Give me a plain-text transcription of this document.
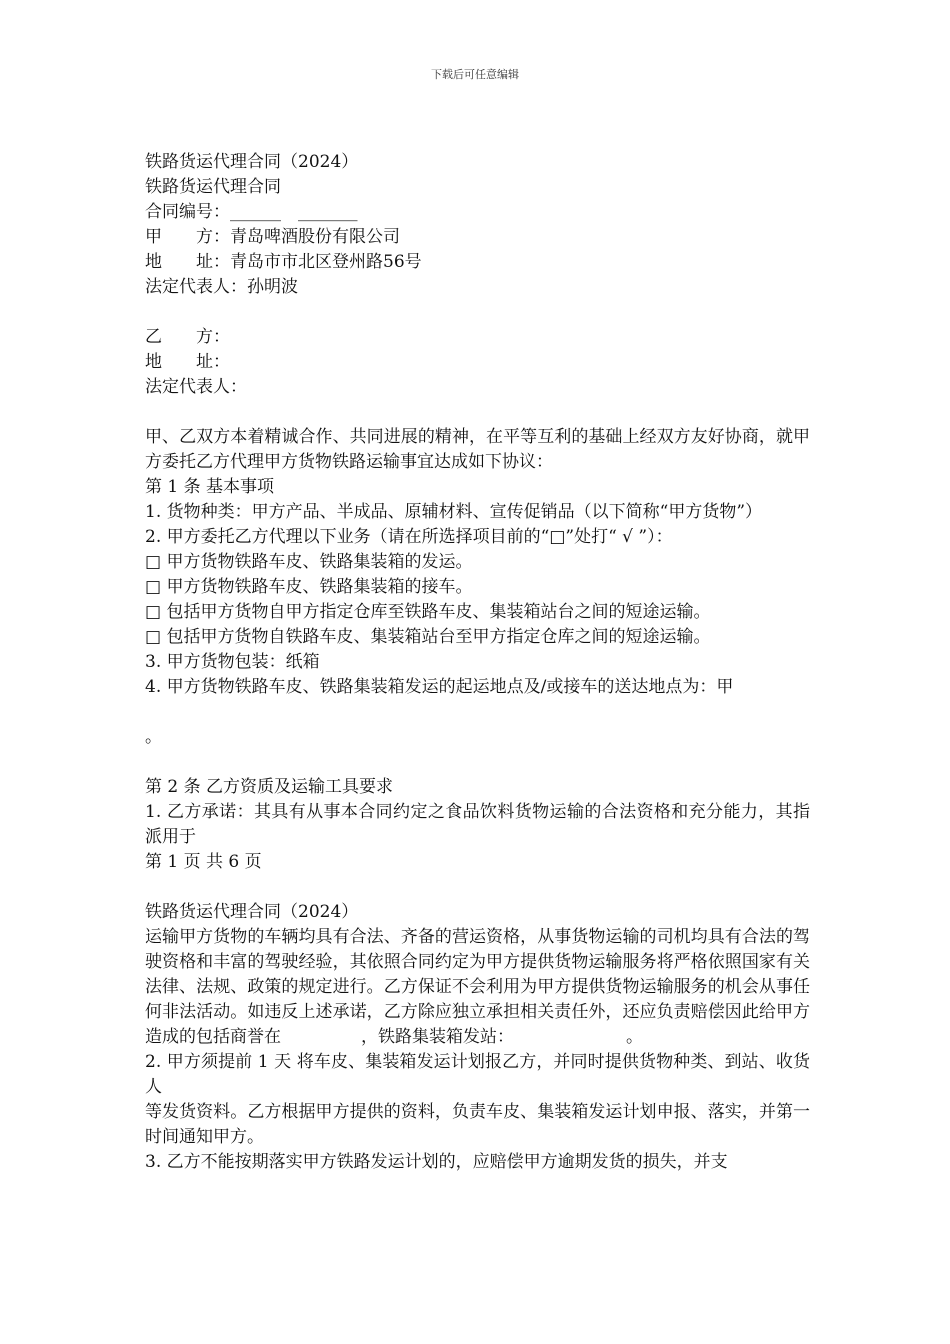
下载后可任意编辑
铁路货运代理合同（2024）
铁路货运代理合同
合同编号：______　_______
甲　　方：青岛啤酒股份有限公司
地　　址：青岛市市北区登州路56号
法定代表人：孙明波
乙　　方：
地　　址：
法定代表人：
甲、乙双方本着精诚合作、共同进展的精神，在平等互利的基础上经双方友好协商，就甲方委托乙方代理甲方货物铁路运输事宜达成如下协议：
第 1 条 基本事项
1. 货物种类：甲方产品、半成品、原辅材料、宣传促销品（以下简称“甲方货物”）
2. 甲方委托乙方代理以下业务（请在所选择项目前的“□”处打“ √ ”）：
□ 甲方货物铁路车皮、铁路集装箱的发运。
□ 甲方货物铁路车皮、铁路集装箱的接车。
□ 包括甲方货物自甲方指定仓库至铁路车皮、集装箱站台之间的短途运输。
□ 包括甲方货物自铁路车皮、集装箱站台至甲方指定仓库之间的短途运输。
3. 甲方货物包装：纸箱
4. 甲方货物铁路车皮、铁路集装箱发运的起运地点及/或接车的送达地点为：甲

。

第 2 条 乙方资质及运输工具要求
1. 乙方承诺：其具有从事本合同约定之食品饮料货物运输的合法资格和充分能力，其指派用于
第 1 页 共 6 页
铁路货运代理合同（2024）
运输甲方货物的车辆均具有合法、齐备的营运资格，从事货物运输的司机均具有合法的驾驶资格和丰富的驾驶经验，其依照合同约定为甲方提供货物运输服务将严格依照国家有关法律、法规、政策的规定进行。乙方保证不会利用为甲方提供货物运输服务的机会从事任何非法活动。如违反上述承诺，乙方除应独立承担相关责任外，还应负责赔偿因此给甲方造成的包括商誉在	，铁路集装箱发站：	。
2. 甲方须提前 1 天 将车皮、集装箱发运计划报乙方，并同时提供货物种类、到站、收货人
等发货资料。乙方根据甲方提供的资料，负责车皮、集装箱发运计划申报、落实，并第一时间通知甲方。
3. 乙方不能按期落实甲方铁路发运计划的，应赔偿甲方逾期发货的损失，并支
